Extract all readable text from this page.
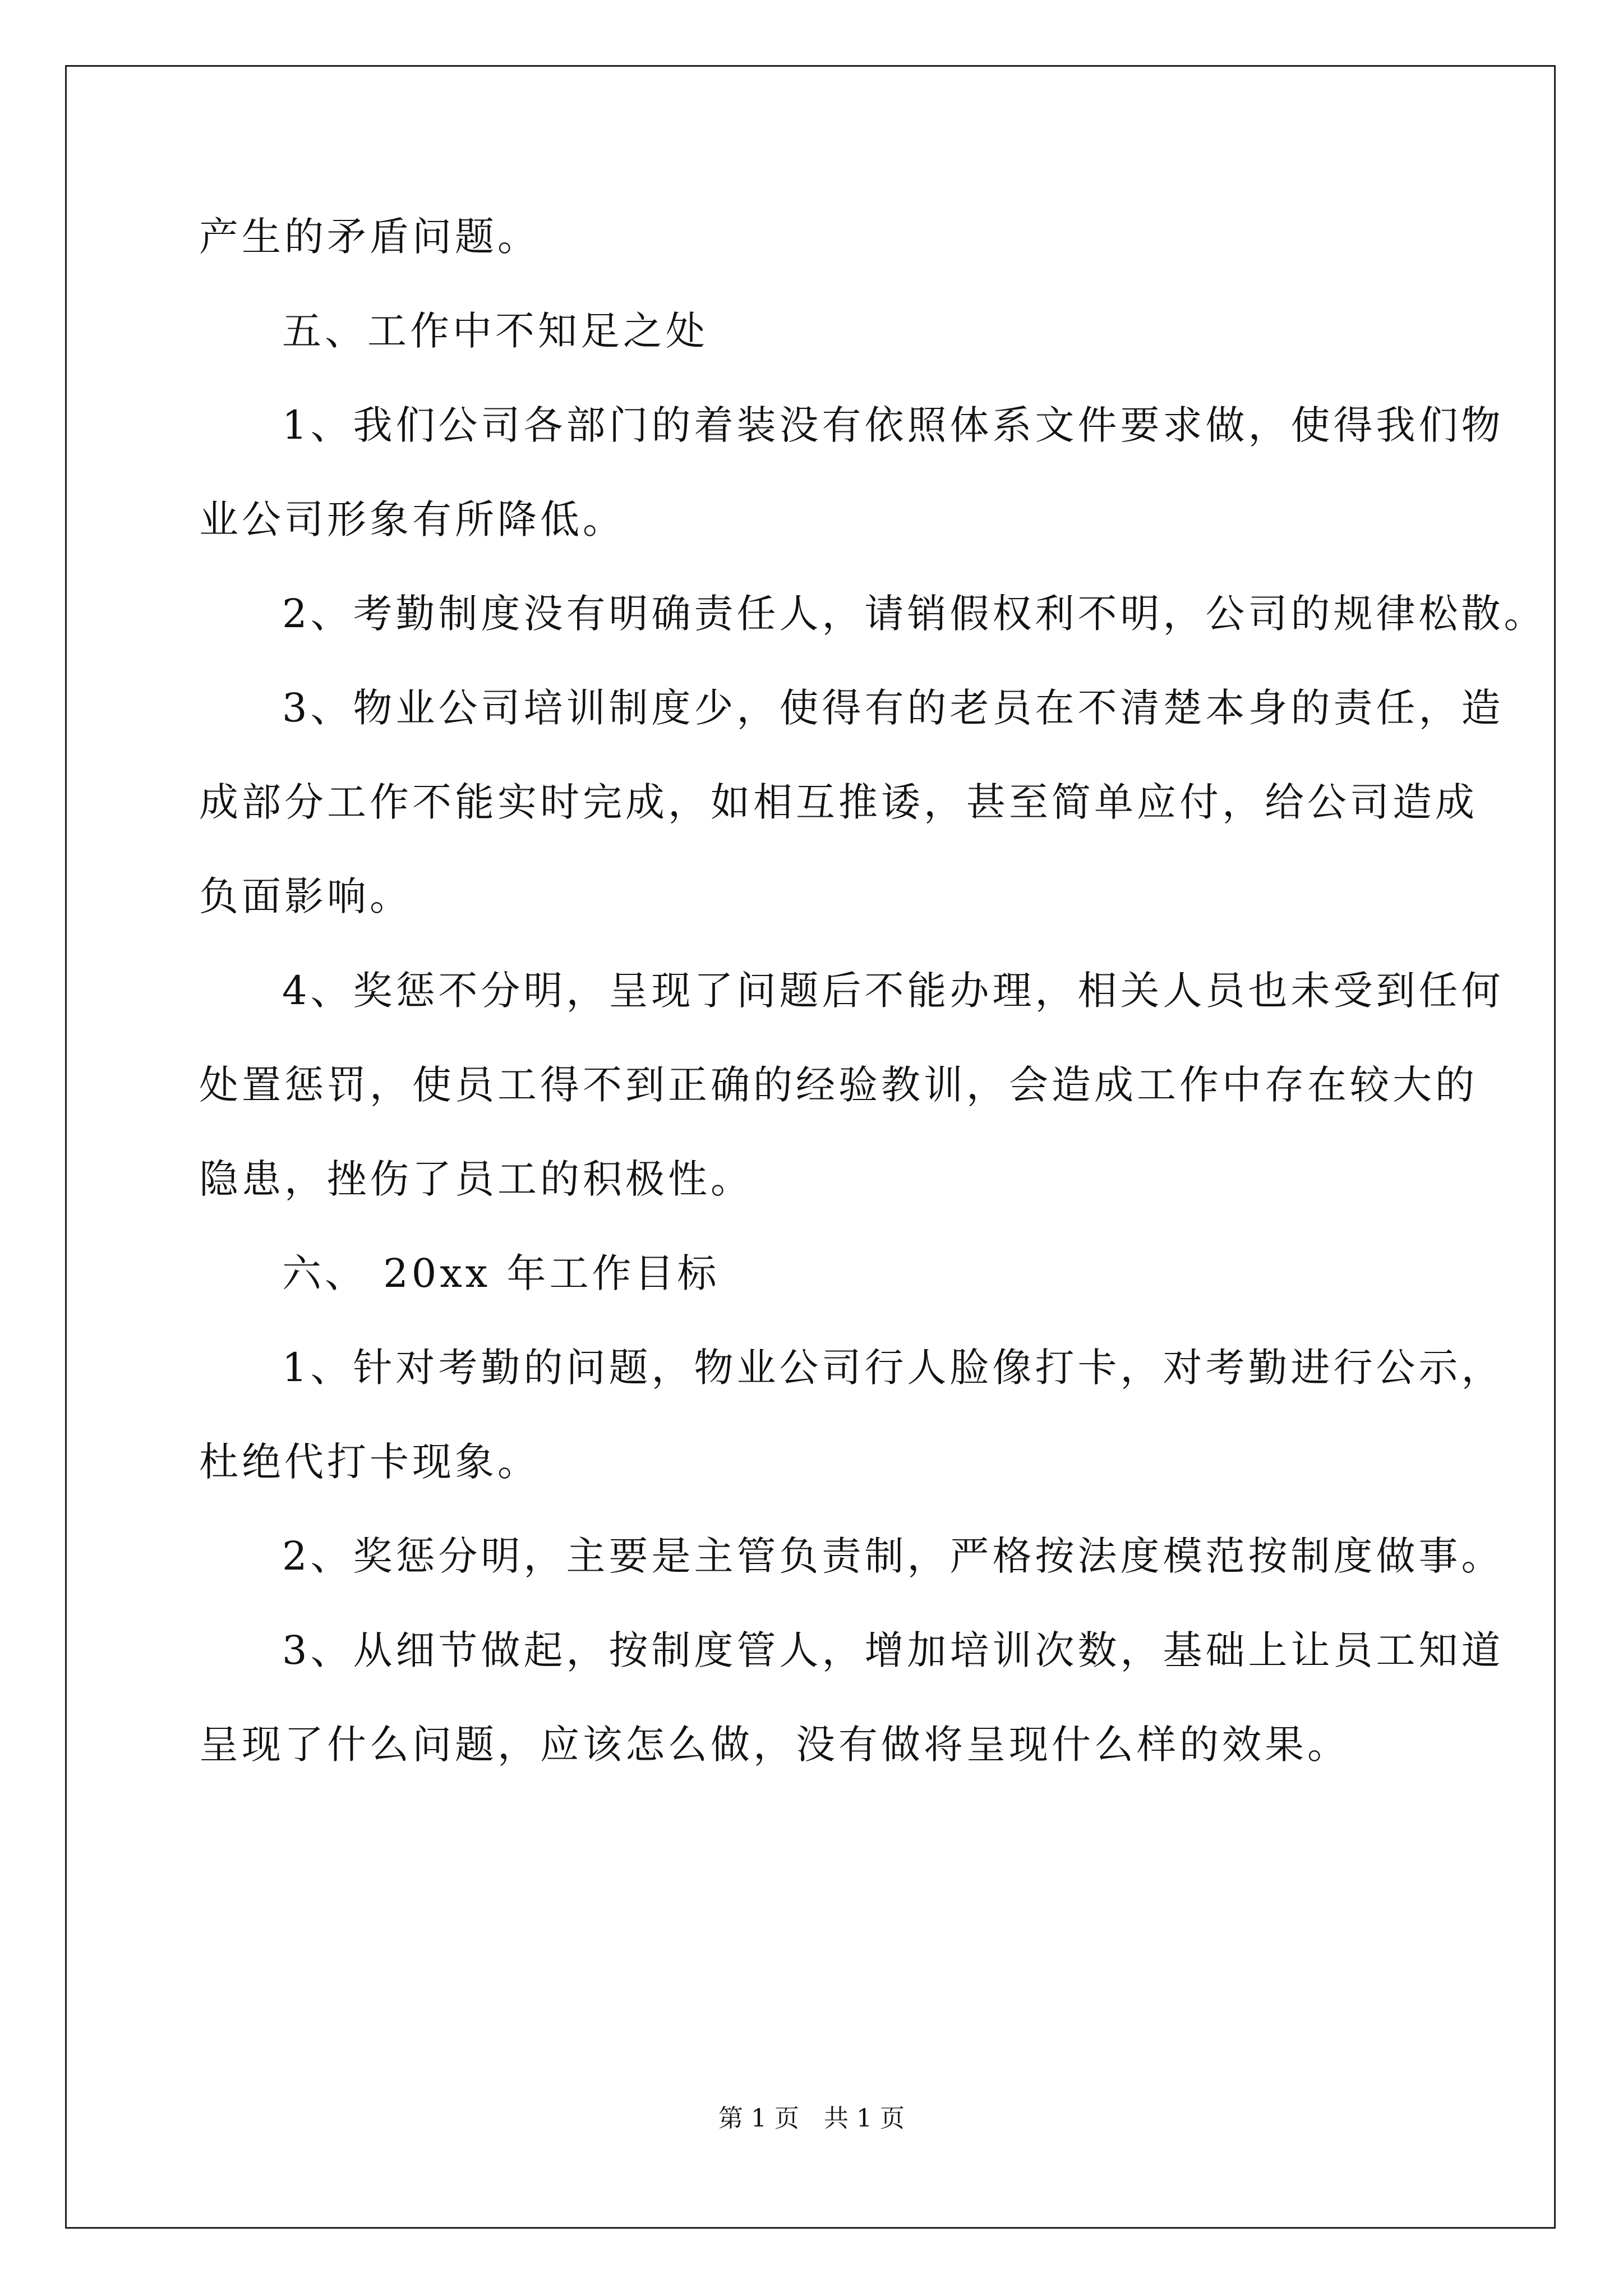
产生的矛盾问题。
五、工作中不知足之处
1、我们公司各部门的着装没有依照体系文件要求做，使得我们物
业公司形象有所降低。
2、考勤制度没有明确责任人，请销假权利不明，公司的规律松散。
3、物业公司培训制度少，使得有的老员在不清楚本身的责任，造
成部分工作不能实时完成，如相互推诿，甚至简单应付，给公司造成
负面影响。
4、奖惩不分明，呈现了问题后不能办理，相关人员也未受到任何
处置惩罚，使员工得不到正确的经验教训，会造成工作中存在较大的
隐患，挫伤了员工的积极性。
六、 20xx 年工作目标
1、针对考勤的问题，物业公司行人脸像打卡，对考勤进行公示，
杜绝代打卡现象。
2、奖惩分明，主要是主管负责制，严格按法度模范按制度做事。
3、从细节做起，按制度管人，增加培训次数，基础上让员工知道
呈现了什么问题，应该怎么做，没有做将呈现什么样的效果。
第 1 页　共 1 页
